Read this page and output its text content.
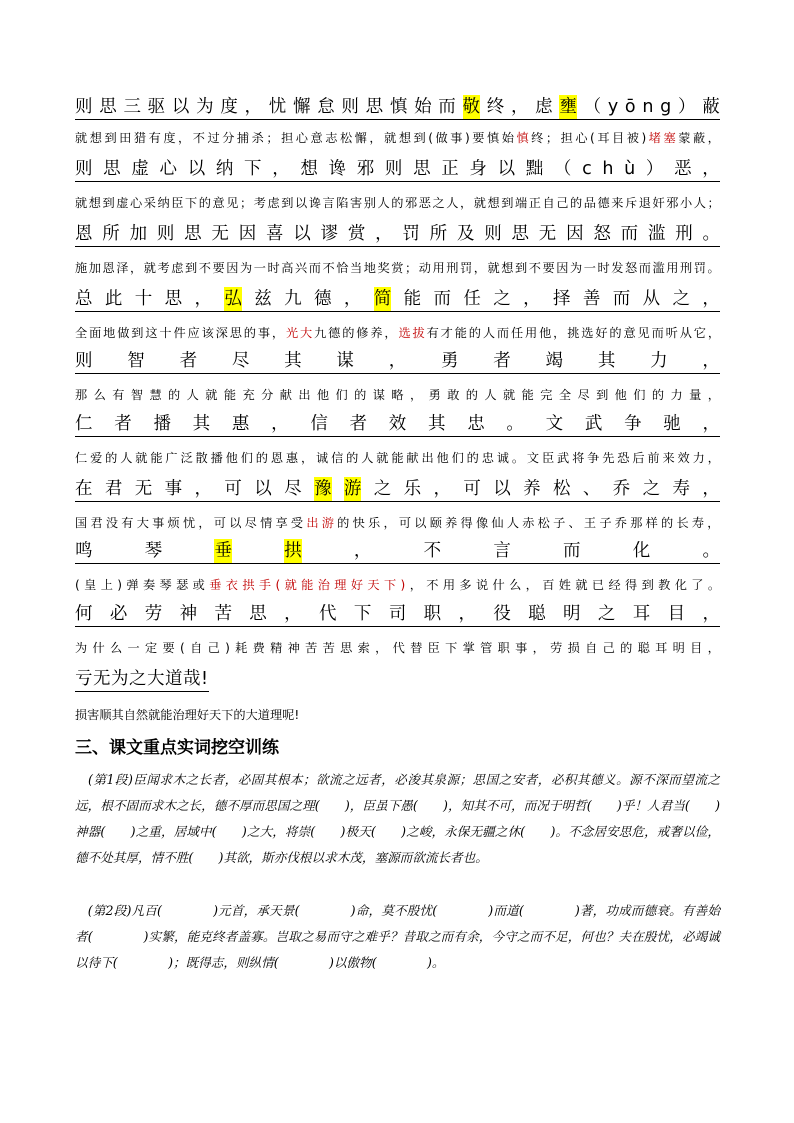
则 思 三 驱 以 为 度 ， 忧 懈 怠 则 思 慎 始 而 敬 终 ， 虑 壅 （ y ō n g ） 蔽
就 想 到 田 猎 有 度 ， 不 过 分 捕 杀 ； 担 心 意 志 松 懈 ， 就 想 到 ( 做 事 ) 要 慎 始 慎 终 ； 担 心 ( 耳 目 被 ) 堵 塞 蒙 蔽 ，
则 思 虚 心 以 纳 下 ， 想 谗 邪 则 思 正 身 以 黜 （ c h ù ） 恶 ，
就 想 到 虚 心 采 纳 臣 下 的 意 见 ； 考 虑 到 以 谗 言 陷 害 别 人 的 邪 恶 之 人 ， 就 想 到 端 正 自 己 的 品 德 来 斥 退 奸 邪 小 人 ；
恩 所 加 则 思 无 因 喜 以 谬 赏 ， 罚 所 及 则 思 无 因 怒 而 滥 刑 。
施 加 恩 泽 ， 就 考 虑 到 不 要 因 为 一 时 高 兴 而 不 恰 当 地 奖 赏 ； 动 用 刑 罚 ， 就 想 到 不 要 因 为 一 时 发 怒 而 滥 用 刑 罚 。
总 此 十 思 ， 弘 兹 九 德 ， 简 能 而 任 之 ， 择 善 而 从 之 ，
全 面 地 做 到 这 十 件 应 该 深 思 的 事 ， 光 大 九 德 的 修 养 ， 选 拔 有 才 能 的 人 而 任 用 他 ， 挑 选 好 的 意 见 而 听 从 它 ，
则 智 者 尽 其 谋 ， 勇 者 竭 其 力 ，
那 么 有 智 慧 的 人 就 能 充 分 献 出 他 们 的 谋 略 ， 勇 敢 的 人 就 能 完 全 尽 到 他 们 的 力 量 ，
仁 者 播 其 惠 ， 信 者 效 其 忠 。 文 武 争 驰 ，
仁 爱 的 人 就 能 广 泛 散 播 他 们 的 恩 惠 ， 诚 信 的 人 就 能 献 出 他 们 的 忠 诚 。 文 臣 武 将 争 先 恐 后 前 来 效 力 ，
在 君 无 事 ， 可 以 尽 豫 游 之 乐 ， 可 以 养 松 、 乔 之 寿 ，
国 君 没 有 大 事 烦 忧 ， 可 以 尽 情 享 受 出 游 的 快 乐 ， 可 以 颐 养 得 像 仙 人 赤 松 子 、 王 子 乔 那 样 的 长 寿 ，
鸣	琴	垂	拱	，	不	言	而	化	。
( 皇 上 ) 弹 奏 琴 瑟 或 垂 衣 拱 手 ( 就 能 治 理 好 天 下 ) ， 不 用 多 说 什 么 ， 百 姓 就 已 经 得 到 教 化 了 。
何 必 劳 神 苦 思 ， 代 下 司 职 ， 役 聪 明 之 耳 目 ，
为 什 么 一 定 要 ( 自 己 ) 耗 费 精 神 苦 苦 思 索 ， 代 替 臣 下 掌 管 职 事 ， 劳 损 自 己 的 聪 耳 明 目 ，
亏无为之大道哉!
损害顺其自然就能治理好天下的大道理呢!
三、课文重点实词挖空训练
　(第1段)臣闻求木之长者，必固其根本；欲流之远者，必浚其泉源；思国之安者，必积其德义。源不深而望流之远，根不固而求木之长，德不厚而思国之理(　　)，臣虽下愚(　　)，知其不可，而况于明哲(　　)乎！人君当(　　)神器(　　)之重，居域中(　　)之大，将崇(　　)极天(　　)之峻，永保无疆之休(　　)。不念居安思危，戒奢以俭，德不处其厚，情不胜(　　)其欲，斯亦伐根以求木茂，塞源而欲流长者也。
　(第2段)凡百(　　　　)元首，承天景(　　　　)命，莫不殷忧(　　　　)而道(　　　　)著，功成而德衰。有善始者(　　　　)实繁，能克终者盖寡。岂取之易而守之难乎？昔取之而有余，今守之而不足，何也？夫在殷忧，必竭诚以待下(　　　　)；既得志，则纵情(　　　　)以傲物(　　　　)。
